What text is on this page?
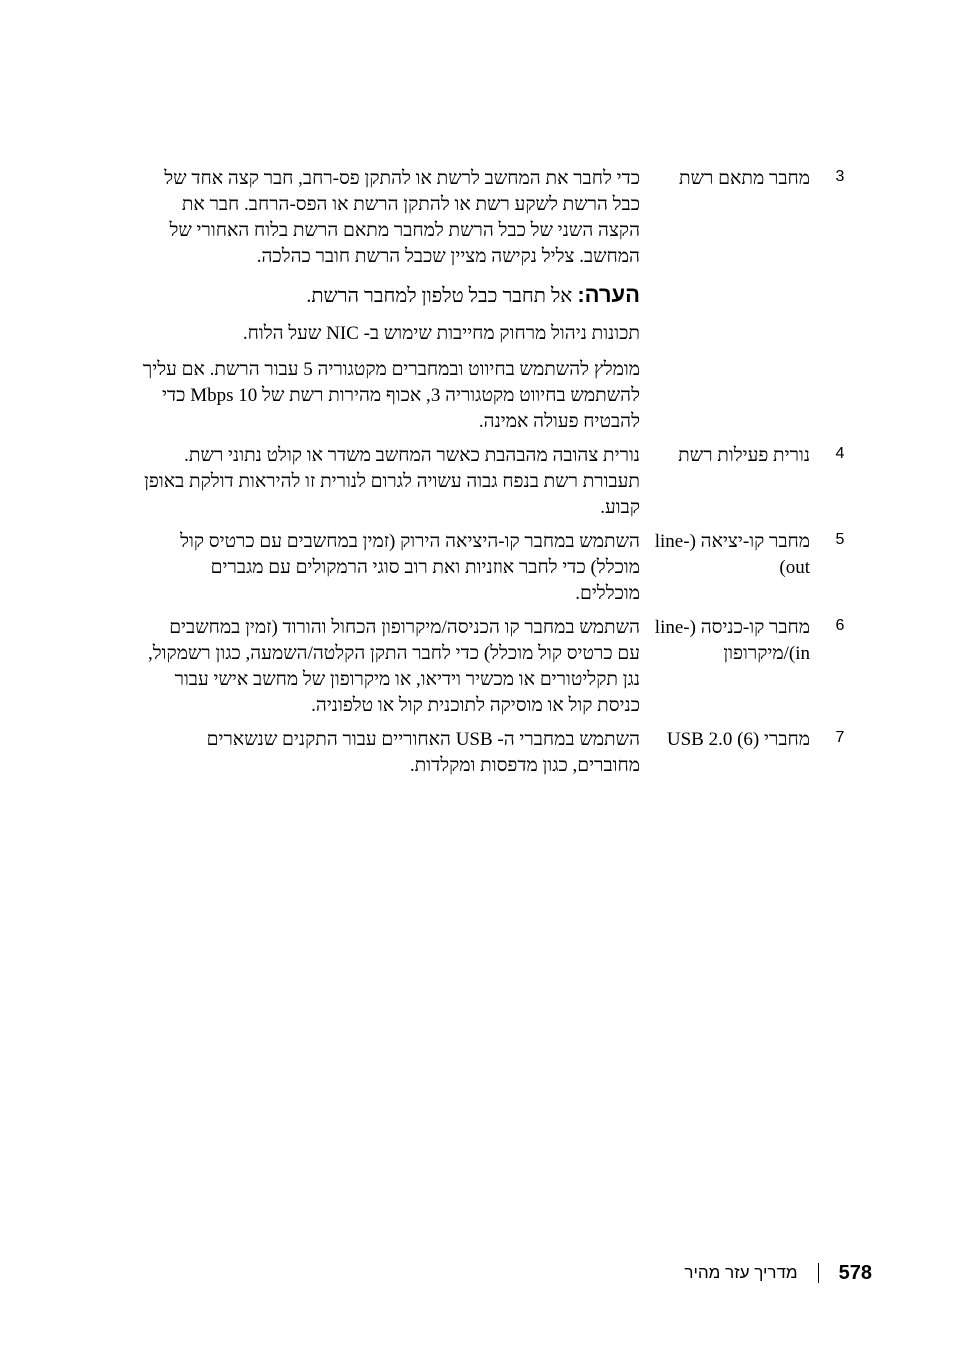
3
מחבר מתאם רשת

כדי לחבר את המחשב לרשת או להתקן פס-רחב, חבר קצה אחד של כבל הרשת לשקע רשת או להתקן הרשת או הפס-הרחב. חבר את הקצה השני של כבל הרשת למחבר מתאם הרשת בלוח האחורי של המחשב. צליל נקישה מציין שכבל הרשת חובר כהלכה.

הערה: אל תחבר כבל טלפון למחבר הרשת.

תכונות ניהול מרחוק מחייבות שימוש ב- NIC שעל הלוח.

מומלץ להשתמש בחיווט ובמחברים מקטגוריה 5 עבור הרשת. אם עליך להשתמש בחיווט מקטגוריה 3, אכוף מהירות רשת של 10 Mbps כדי להבטיח פעולה אמינה.

4
נורית פעילות רשת

נורית צהובה מהבהבת כאשר המחשב משדר או קולט נתוני רשת. תעבורת רשת בנפח גבוה עשויה לגרום לנורית זו להיראות דולקת באופן קבוע.

5
מחבר קו-יציאה (line-out)

השתמש במחבר קו-היציאה הירוק (זמין במחשבים עם כרטיס קול מוכלל) כדי לחבר אוזניות ואת רוב סוגי הרמקולים עם מגברים מוכללים.

6
מחבר קו-כניסה (line-in)/מיקרופון

השתמש במחבר קו הכניסה/מיקרופון הכחול והורוד (זמין במחשבים עם כרטיס קול מוכלל) כדי לחבר התקן הקלטה/השמעה, כגון רשמקול, נגן תקליטורים או מכשיר וידיאו, או מיקרופון של מחשב אישי עבור כניסת קול או מוסיקה לתוכנית קול או טלפוניה.

7
מחברי USB 2.0 (6)

השתמש במחברי ה- USB האחוריים עבור התקנים שנשארים מחוברים, כגון מדפסות ומקלדות.

578
מדריך עזר מהיר
